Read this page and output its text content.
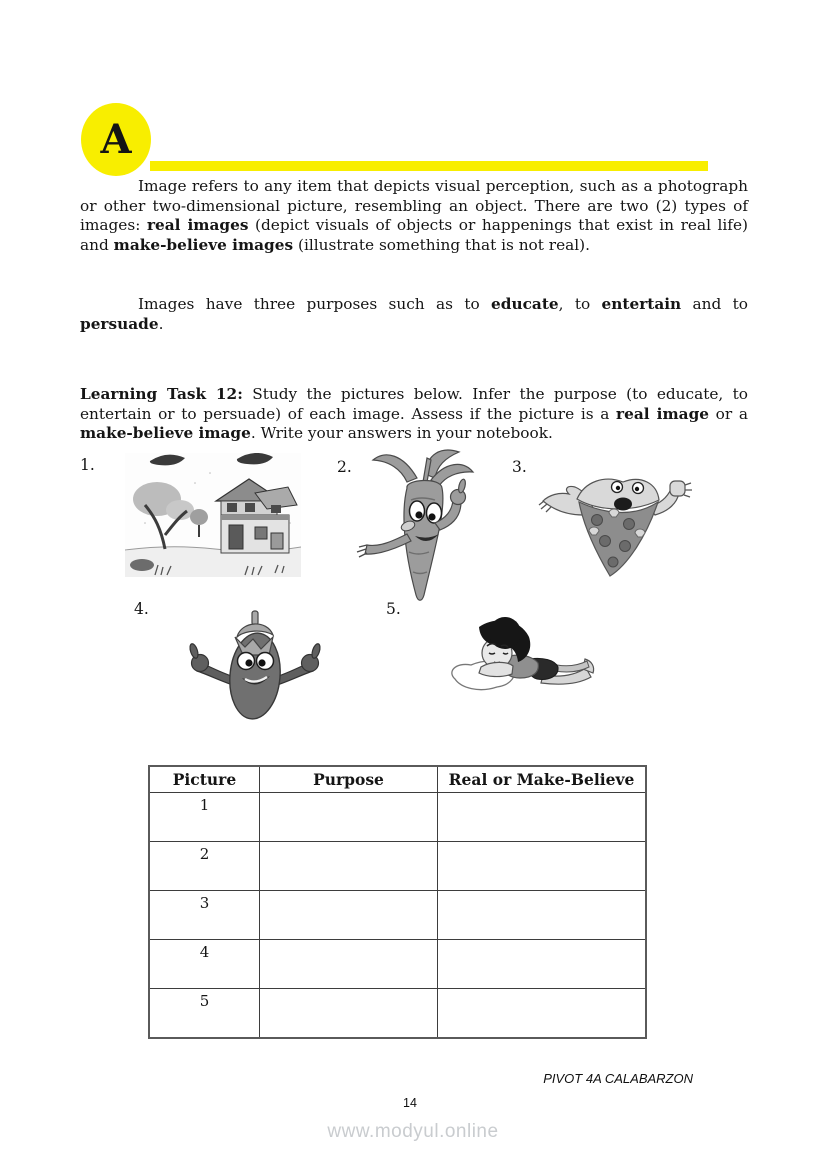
A

Image refers to any item that depicts visual perception, such as a photograph or other two-dimensional picture, resembling an object. There are two (2) types of images: real images (depict visuals of objects or happenings that exist in real life) and make-believe images (illustrate something that is not real).

Images have three purposes such as to educate, to entertain and to persuade.

Learning Task 12: Study the pictures below. Infer the purpose (to educate, to entertain or to persuade) of each image. Assess if the picture is a real image or a make-believe image. Write your answers in your notebook.

1.	2.	3.
4.	5.
Picture	Purpose	Real or Make-Believe
1		
2		
3		
4		
5		
PIVOT 4A CALABARZON
14
www.modyul.online
